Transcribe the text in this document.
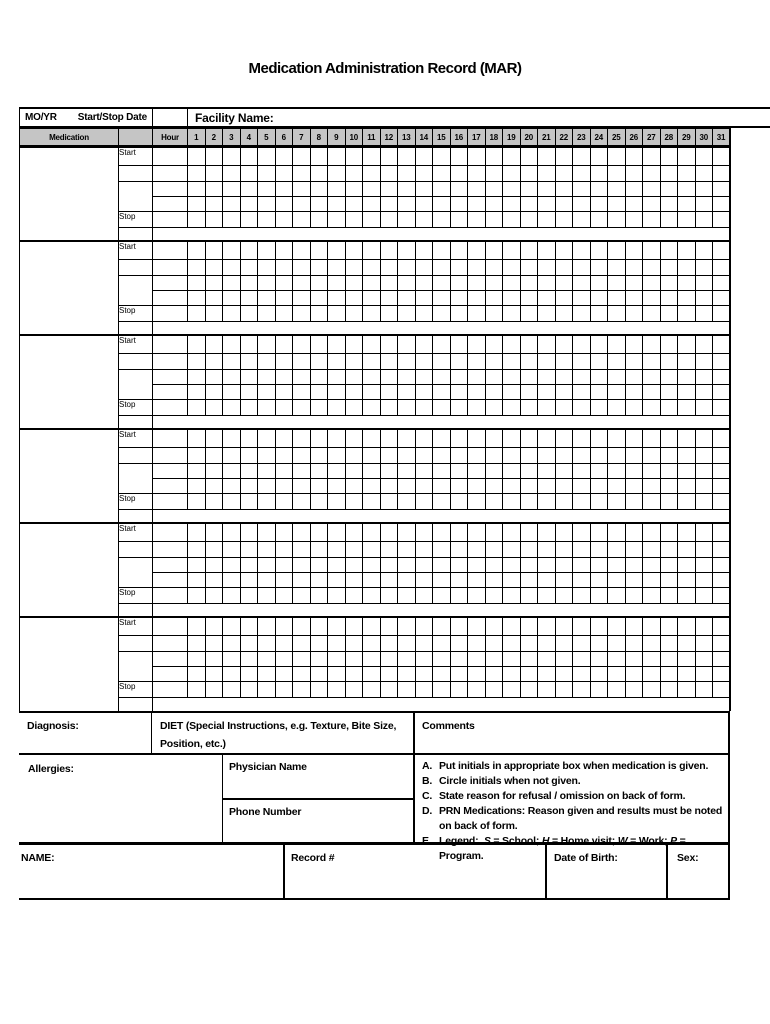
Medication Administration Record (MAR)
MO/YR Start/Stop Date	Facility Name:
Medication		Hour	1	2	3	4	5	6	7	8	9	10	11	12	13	14	15	16	17	18	19	20	21	22	23	24	25	26	27	28	29	30	31
	Start																																

	Stop																																

	Start																																

	Stop																																

	Start																																

	Stop																																

	Start																																

	Stop																																

	Start																																

	Stop																																

	Start																																

	Stop																																

Diagnosis:	DIET (Special Instructions, e.g. Texture, Bite Size, Position, etc.)
Comments
Allergies:	Physician Name
Phone Number
A. Put initials in appropriate box when medication is given.
B. Circle initials when not given.
C. State reason for refusal / omission on back of form.
D. PRN Medications: Reason given and results must be noted on back of form.
E. Legend:  S = School; H = Home visit; W = Work; P = Program.
NAME:	Record #	Date of Birth:	Sex:
